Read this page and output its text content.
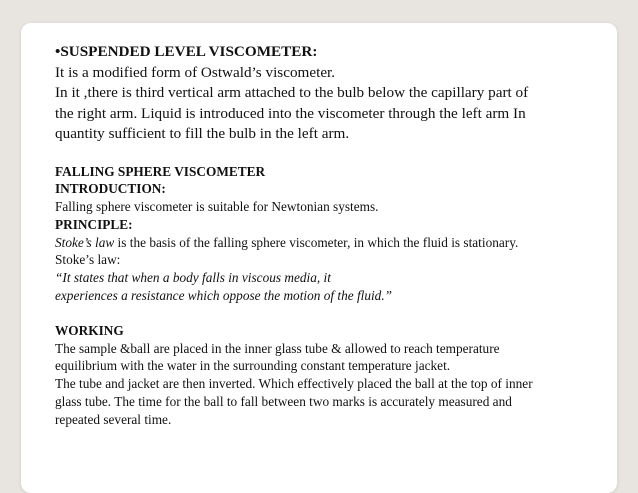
•SUSPENDED LEVEL VISCOMETER:

It is a modified form of Ostwald’s viscometer.

In it ,there is third vertical arm attached to the bulb below the capillary part of

the right arm. Liquid is introduced into the viscometer through the left arm In

quantity sufficient to fill the bulb in the left arm.

FALLING SPHERE VISCOMETER

INTRODUCTION:

Falling sphere viscometer is suitable for Newtonian systems.

PRINCIPLE:

Stoke’s law is the basis of the falling sphere viscometer, in which the fluid is stationary.

Stoke’s law:

“It states that when a body falls in viscous media, it

experiences a resistance which oppose the motion of the fluid.”

WORKING

The sample &ball are placed in the inner glass tube & allowed to reach temperature

equilibrium with the water in the surrounding constant temperature jacket.

The tube and jacket are then inverted. Which effectively placed the ball at the top of inner

glass tube. The time for the ball to fall between two marks is accurately measured and

repeated several time.
